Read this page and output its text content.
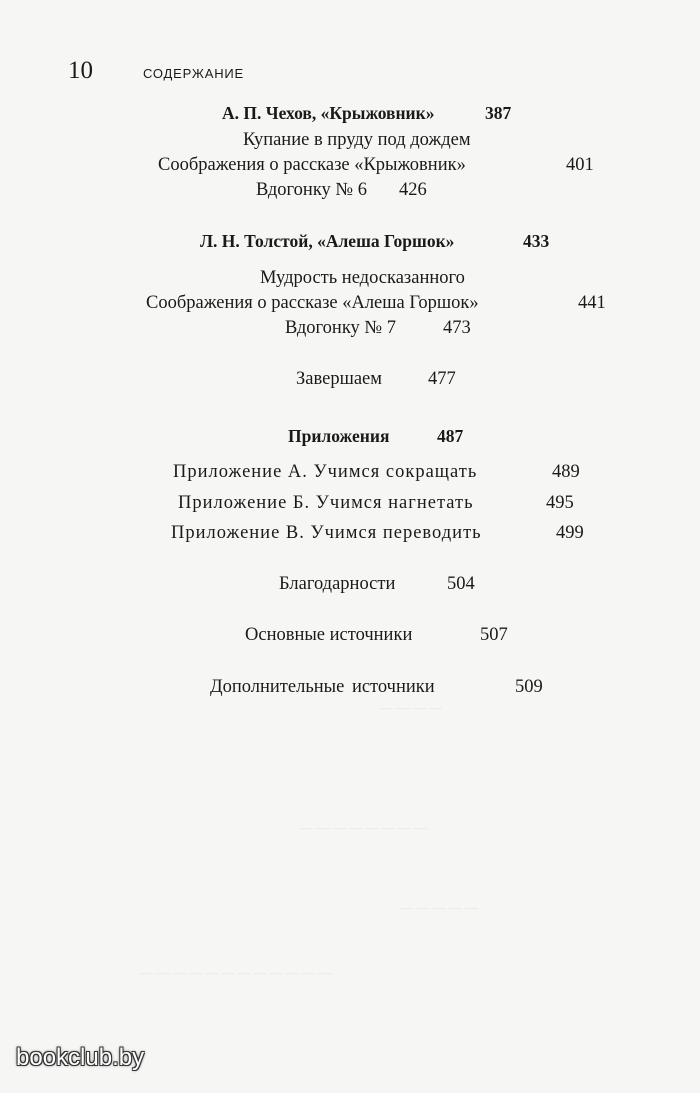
— — — —
— — — — — — — —
— — — — —
— — — — — — — — — — — —
10	СОДЕРЖАНИЕ
А. П. Чехов, «Крыжовник»	387
Купание в пруду под дождем
Соображения о рассказе «Крыжовник»	401
Вдогонку № 6 426
Л. Н. Толстой, «Алеша Горшок»	433
Мудрость недосказанного
Соображения о рассказе «Алеша Горшок»	441
Вдогонку № 7	473
Завершаем 477
Приложения	487
Приложение А. Учимся сокращать	489
Приложение Б. Учимся нагнетать	495
Приложение В. Учимся переводить	499
Благодарности	504
Основные источники	507
Дополнительные источники	509
bookclub.by
